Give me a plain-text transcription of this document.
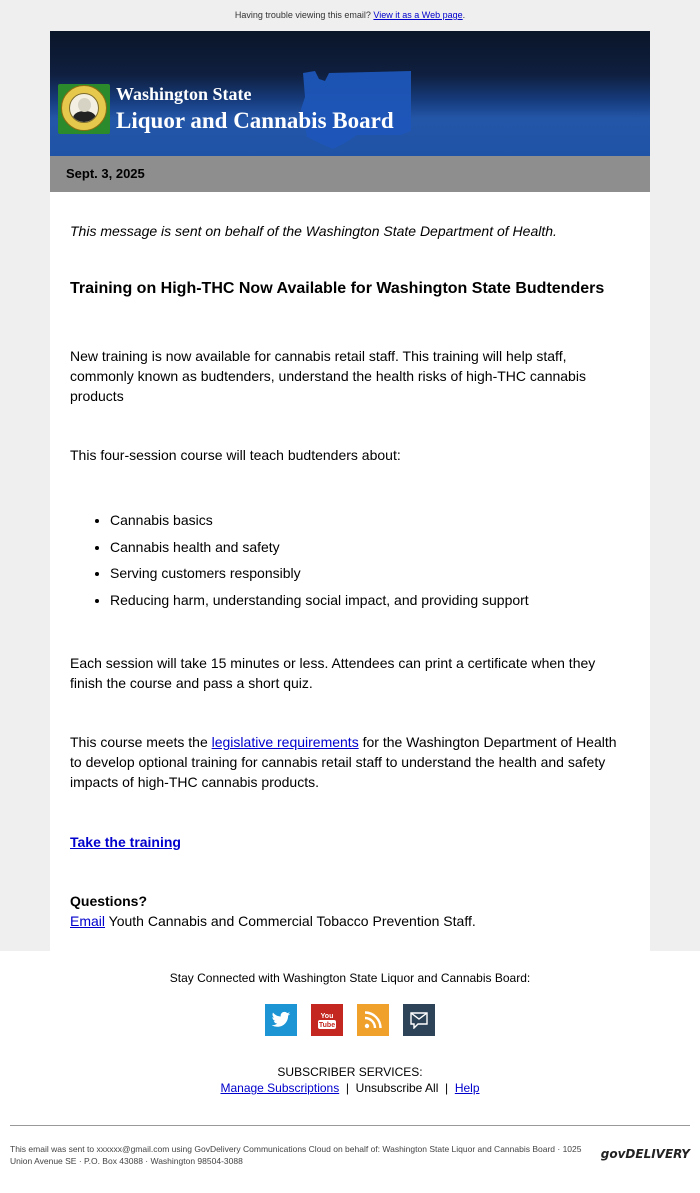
Having trouble viewing this email? View it as a Web page.
Washington State
Liquor and Cannabis Board
Sept. 3, 2025

This message is sent on behalf of the Washington State Department of Health.

Training on High-THC Now Available for Washington State Budtenders

New training is now available for cannabis retail staff. This training will help staff, commonly known as budtenders, understand the health risks of high-THC cannabis products

This four-session course will teach budtenders about:

• Cannabis basics
• Cannabis health and safety
• Serving customers responsibly
• Reducing harm, understanding social impact, and providing support

Each session will take 15 minutes or less. Attendees can print a certificate when they finish the course and pass a short quiz.

This course meets the legislative requirements for the Washington Department of Health to develop optional training for cannabis retail staff to understand the health and safety impacts of high-THC cannabis products.

Take the training

Questions?
Email Youth Cannabis and Commercial Tobacco Prevention Staff.

Stay Connected with Washington State Liquor and Cannabis Board:
You
Tube
SUBSCRIBER SERVICES:
Manage Subscriptions  |  Unsubscribe All  |  Help
This email was sent to xxxxxx@gmail.com using GovDelivery Communications Cloud on behalf of: Washington State Liquor and Cannabis Board · 1025 Union Avenue SE · P.O. Box 43088 · Washington 98504-3088	govDELIVERY
